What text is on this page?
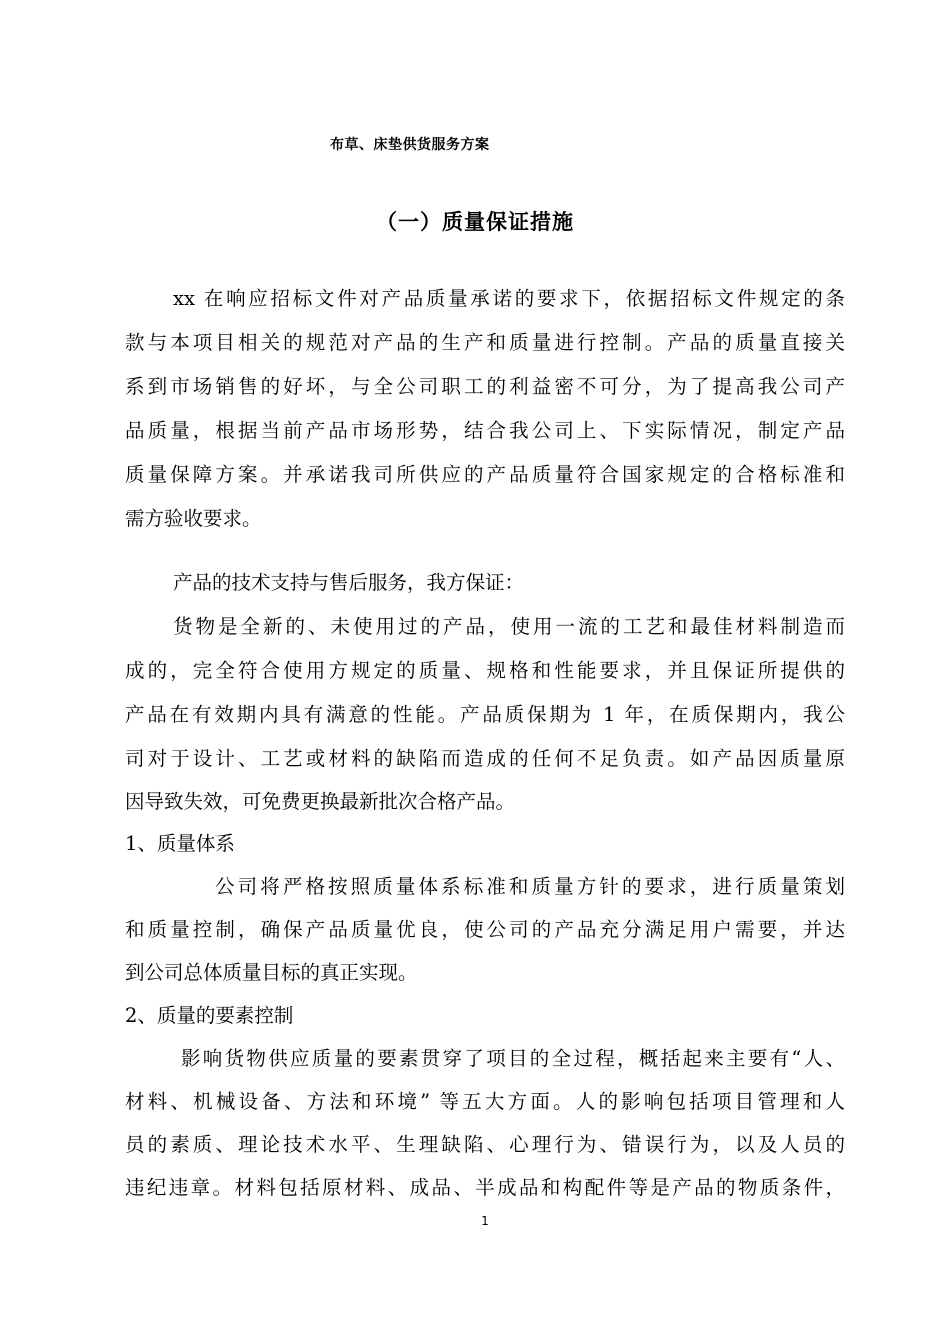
布草、床垫供货服务方案
（一）质量保证措施
xx 在响应招标文件对产品质量承诺的要求下，依据招标文件规定的条
款与本项目相关的规范对产品的生产和质量进行控制。产品的质量直接关
系到市场销售的好坏，与全公司职工的利益密不可分，为了提高我公司产
品质量，根据当前产品市场形势，结合我公司上、下实际情况，制定产品
质量保障方案。并承诺我司所供应的产品质量符合国家规定的合格标准和
需方验收要求。
产品的技术支持与售后服务，我方保证：
货物是全新的、未使用过的产品，使用一流的工艺和最佳材料制造而
成的，完全符合使用方规定的质量、规格和性能要求，并且保证所提供的
产品在有效期内具有满意的性能。产品质保期为 1 年，在质保期内，我公
司对于设计、工艺或材料的缺陷而造成的任何不足负责。如产品因质量原
因导致失效，可免费更换最新批次合格产品。
1、质量体系
公司将严格按照质量体系标准和质量方针的要求，进行质量策划
和质量控制，确保产品质量优良，使公司的产品充分满足用户需要，并达
到公司总体质量目标的真正实现。
2、质量的要素控制
影响货物供应质量的要素贯穿了项目的全过程，概括起来主要有“人、
材料、机械设备、方法和环境” 等五大方面。人的影响包括项目管理和人
员的素质、理论技术水平、生理缺陷、心理行为、错误行为，以及人员的
违纪违章。材料包括原材料、成品、半成品和构配件等是产品的物质条件，
1
